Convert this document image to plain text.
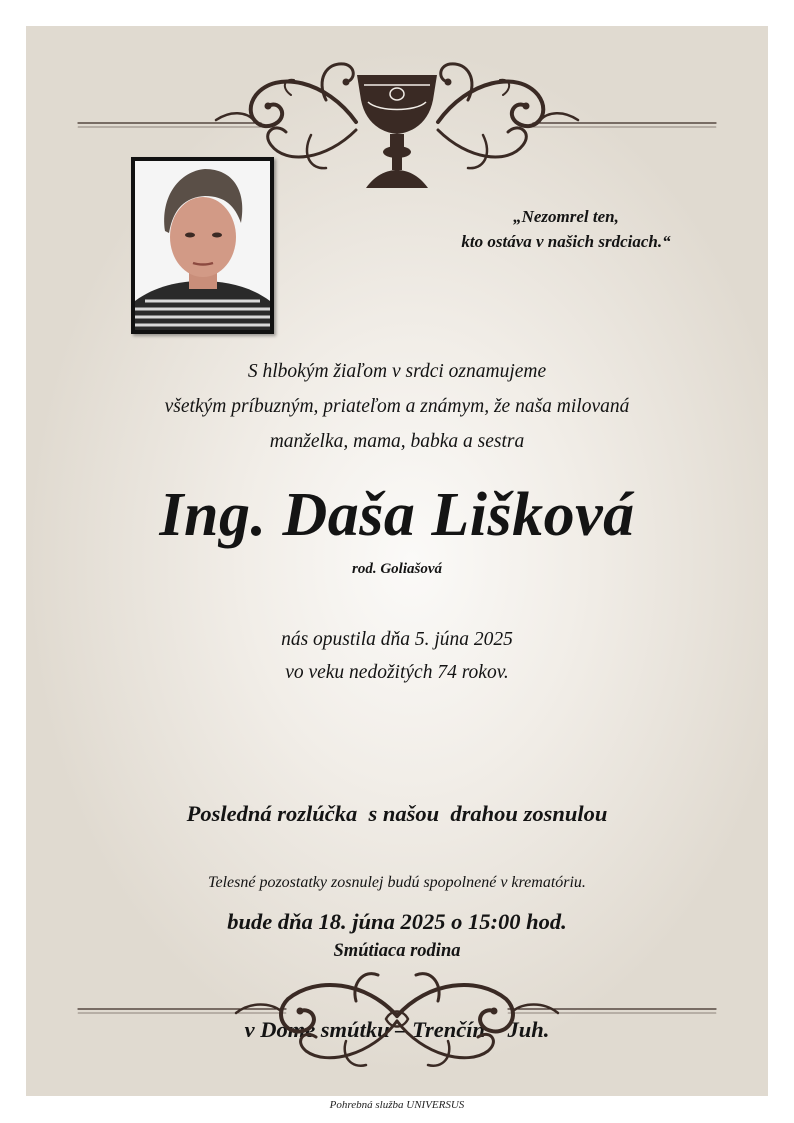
„Nezomrel ten,
kto ostáva v našich srdciach.“
S hlbokým žiaľom v srdci oznamujeme
všetkým príbuzným, priateľom a známym, že naša milovaná
manželka, mama, babka a sestra
Ing. Daša Lišková
rod. Goliašová
nás opustila dňa 5. júna 2025
vo veku nedožitých 74 rokov.

Posledná rozlúčka  s našou  drahou zosnulou

bude dňa 18. júna 2025 o 15:00 hod.

v Dome smútku – Trenčín – Juh.

Telesné pozostatky zosnulej budú spopolnené v krematóriu.
Smútiaca rodina
Pohrebná služba UNIVERSUS
